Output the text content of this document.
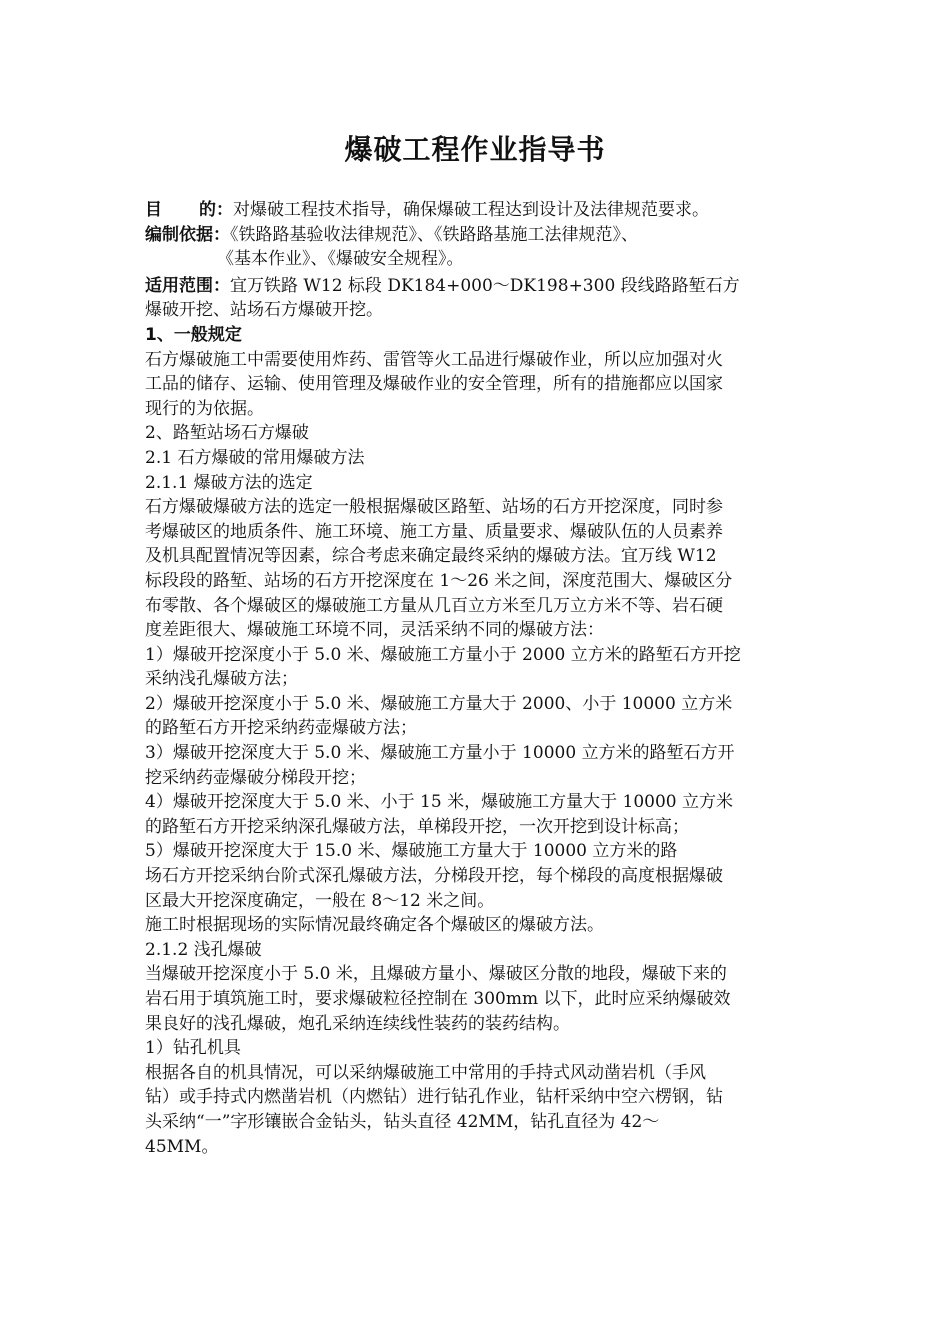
爆破工程作业指导书

目 的： 对爆破工程技术指导，确保爆破工程达到设计及法律规范要求。

编制依据：《铁路路基验收法律规范》、《铁路路基施工法律规范》、

《基本作业》、《爆破安全规程》。

适用范围：宜万铁路 W12 标段 DK184+000～DK198+300 段线路路堑石方

爆破开挖、站场石方爆破开挖。

1、一般规定

石方爆破施工中需要使用炸药、雷管等火工品进行爆破作业，所以应加强对火

工品的储存、运输、使用管理及爆破作业的安全管理，所有的措施都应以国家

现行的为依据。

2、路堑站场石方爆破

2.1 石方爆破的常用爆破方法

2.1.1 爆破方法的选定

石方爆破爆破方法的选定一般根据爆破区路堑、站场的石方开挖深度，同时参

考爆破区的地质条件、施工环境、施工方量、质量要求、爆破队伍的人员素养

及机具配置情况等因素，综合考虑来确定最终采纳的爆破方法。宜万线 W12

标段段的路堑、站场的石方开挖深度在 1～26 米之间，深度范围大、爆破区分

布零散、各个爆破区的爆破施工方量从几百立方米至几万立方米不等、岩石硬

度差距很大、爆破施工环境不同，灵活采纳不同的爆破方法：

1）爆破开挖深度小于 5.0 米、爆破施工方量小于 2000 立方米的路堑石方开挖

采纳浅孔爆破方法；

2）爆破开挖深度小于 5.0 米、爆破施工方量大于 2000、小于 10000 立方米

的路堑石方开挖采纳药壶爆破方法；

3）爆破开挖深度大于 5.0 米、爆破施工方量小于 10000 立方米的路堑石方开

挖采纳药壶爆破分梯段开挖；

4）爆破开挖深度大于 5.0 米、小于 15 米，爆破施工方量大于 10000 立方米

的路堑石方开挖采纳深孔爆破方法，单梯段开挖，一次开挖到设计标高；

5）爆破开挖深度大于 15.0 米、爆破施工方量大于 10000 立方米的路

场石方开挖采纳台阶式深孔爆破方法，分梯段开挖，每个梯段的高度根据爆破

区最大开挖深度确定，一般在 8～12 米之间。

施工时根据现场的实际情况最终确定各个爆破区的爆破方法。

2.1.2 浅孔爆破

当爆破开挖深度小于 5.0 米，且爆破方量小、爆破区分散的地段，爆破下来的

岩石用于填筑施工时，要求爆破粒径控制在 300mm 以下，此时应采纳爆破效

果良好的浅孔爆破，炮孔采纳连续线性装药的装药结构。

1）钻孔机具

根据各自的机具情况，可以采纳爆破施工中常用的手持式风动凿岩机（手风

钻）或手持式内燃凿岩机（内燃钻）进行钻孔作业，钻杆采纳中空六楞钢，钻

头采纳“一”字形镶嵌合金钻头，钻头直径 42MM，钻孔直径为 42～

45MM。
